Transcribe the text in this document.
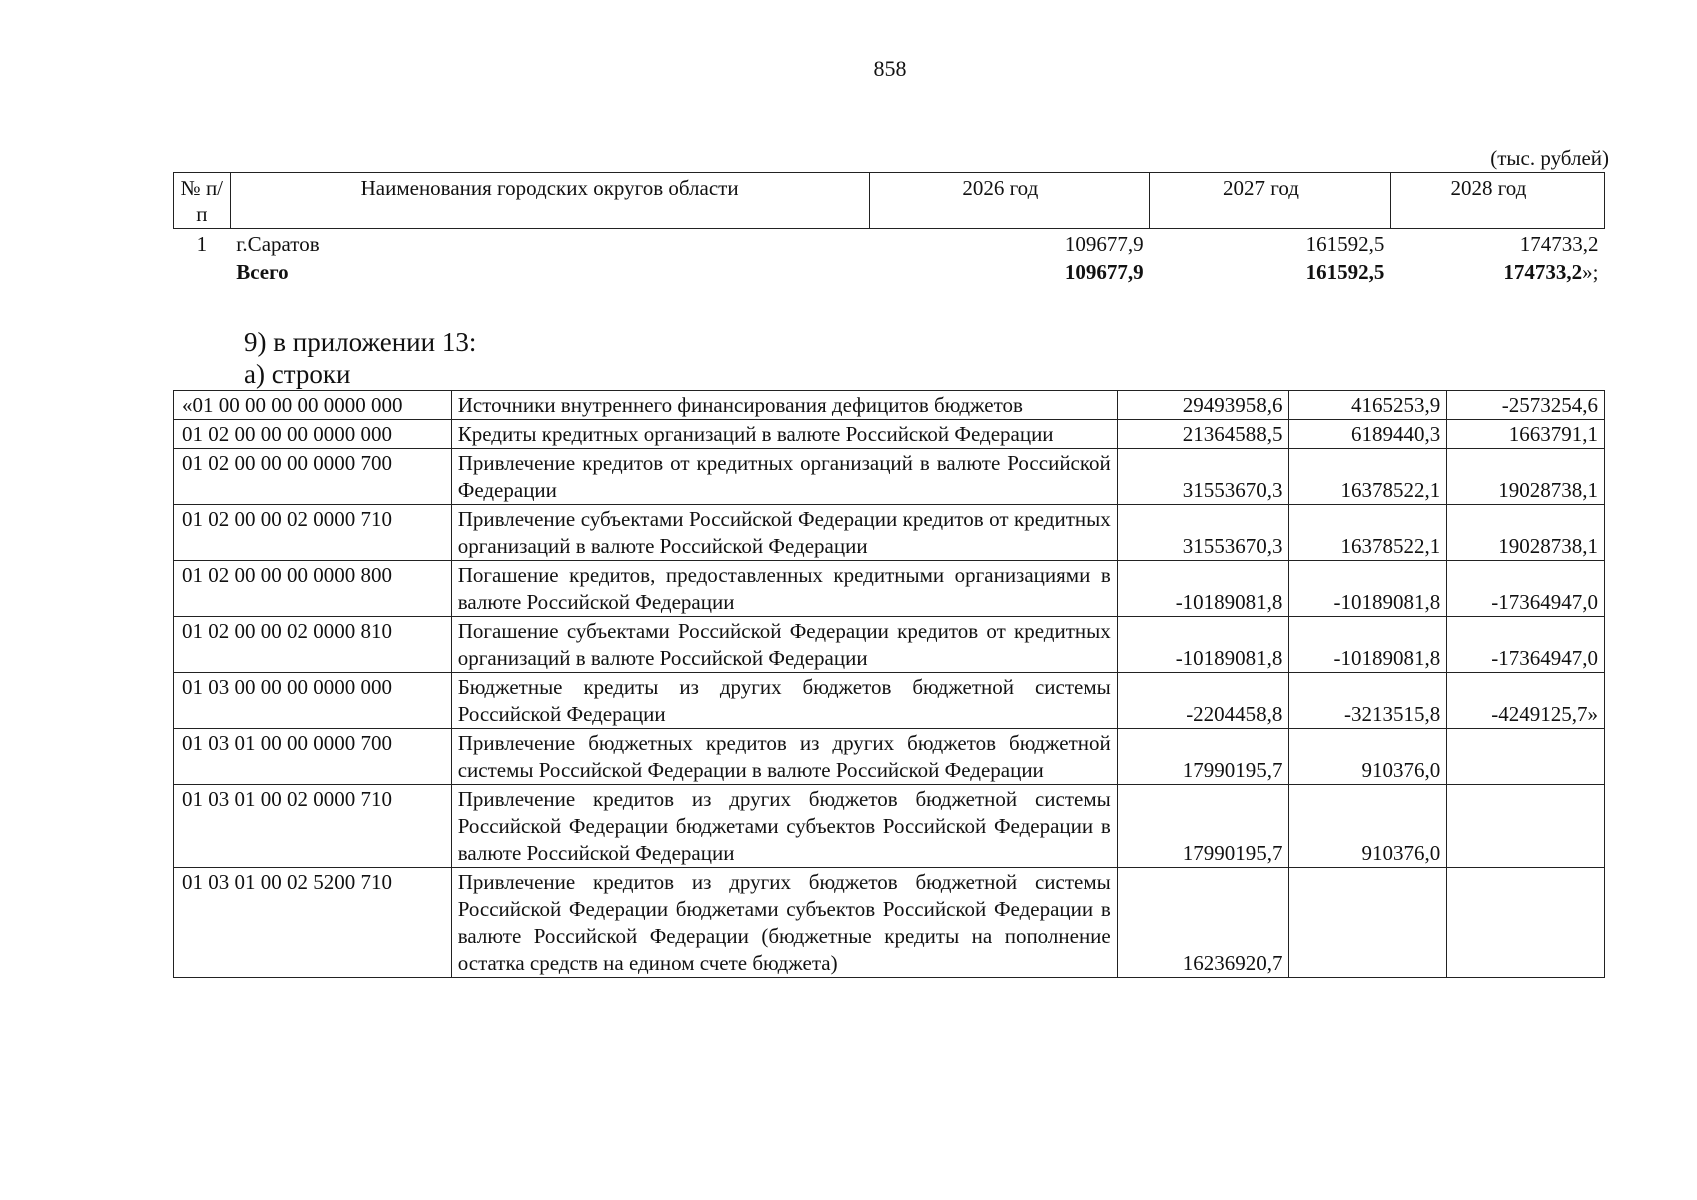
858
(тыс. рублей)
№ п/п	Наименования городских округов области	2026 год	2027 год	2028 год
1	г.Саратов	109677,9	161592,5	174733,2
	Всего	109677,9	161592,5	174733,2»;
9) в приложении 13:
а) строки
«01 00 00 00 00 0000 000	Источники внутреннего финансирования дефицитов бюджетов	29493958,6	4165253,9	-2573254,6
01 02 00 00 00 0000 000	Кредиты кредитных организаций в валюте Российской Федерации	21364588,5	6189440,3	1663791,1
01 02 00 00 00 0000 700	Привлечение кредитов от кредитных организаций в валюте Российской Федерации	31553670,3	16378522,1	19028738,1
01 02 00 00 02 0000 710	Привлечение субъектами Российской Федерации кредитов от кредитных организаций в валюте Российской Федерации	31553670,3	16378522,1	19028738,1
01 02 00 00 00 0000 800	Погашение кредитов, предоставленных кредитными организациями в валюте Российской Федерации	-10189081,8	-10189081,8	-17364947,0
01 02 00 00 02 0000 810	Погашение субъектами Российской Федерации кредитов от кредитных организаций в валюте Российской Федерации	-10189081,8	-10189081,8	-17364947,0
01 03 00 00 00 0000 000	Бюджетные кредиты из других бюджетов бюджетной системы Российской Федерации	-2204458,8	-3213515,8	-4249125,7»
01 03 01 00 00 0000 700	Привлечение бюджетных кредитов из других бюджетов бюджетной системы Российской Федерации в валюте Российской Федерации	17990195,7	910376,0	
01 03 01 00 02 0000 710	Привлечение кредитов из других бюджетов бюджетной системы Российской Федерации бюджетами субъектов Российской Федерации в валюте Российской Федерации	17990195,7	910376,0	
01 03 01 00 02 5200 710	Привлечение кредитов из других бюджетов бюджетной системы Российской Федерации бюджетами субъектов Российской Федерации в валюте Российской Федерации (бюджетные кредиты на пополнение остатка средств на едином счете бюджета)	16236920,7		
